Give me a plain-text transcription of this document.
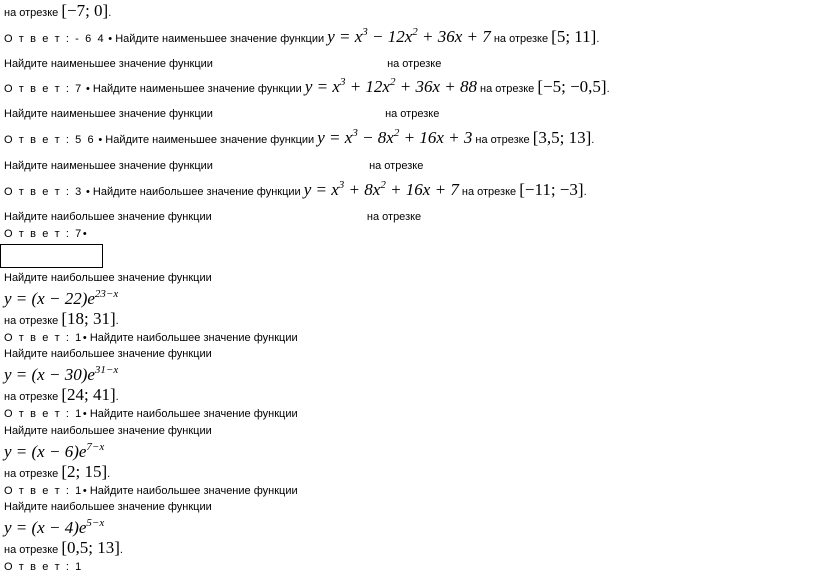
на отрезке [−7; 0].
О т в е т : - 6 4 • Найдите наименьшее значение функции $y = x^3 - 12x^2 + 36x + 7$ на отрезке [5; 11].
Найдите наименьшее значение функции	на отрезке
О т в е т : 7 • Найдите наименьшее значение функции $y = x^3 + 12x^2 + 36x + 88$ на отрезке [−5; −0,5].
Найдите наименьшее значение функции	на отрезке
О т в е т : 5 6 • Найдите наименьшее значение функции $y = x^3 - 8x^2 + 16x + 3$ на отрезке [3,5; 13].
Найдите наименьшее значение функции	на отрезке
О т в е т : 3 • Найдите наибольшее значение функции $y = x^3 + 8x^2 + 16x + 7$ на отрезке [−11; −3].
Найдите наибольшее значение функции	на отрезке
О т в е т : 7•
Найдите наибольшее значение функции
$y = (x - 22)e^{23-x}$
на отрезке [18; 31].
О т в е т : 1• Найдите наибольшее значение функции
Найдите наибольшее значение функции
$y = (x - 30)e^{31-x}$
на отрезке [24; 41].
О т в е т : 1• Найдите наибольшее значение функции
Найдите наибольшее значение функции
$y = (x - 6)e^{7-x}$
на отрезке [2; 15].
О т в е т : 1• Найдите наибольшее значение функции
Найдите наибольшее значение функции
$y = (x - 4)e^{5-x}$
на отрезке [0,5; 13].
О т в е т : 1
